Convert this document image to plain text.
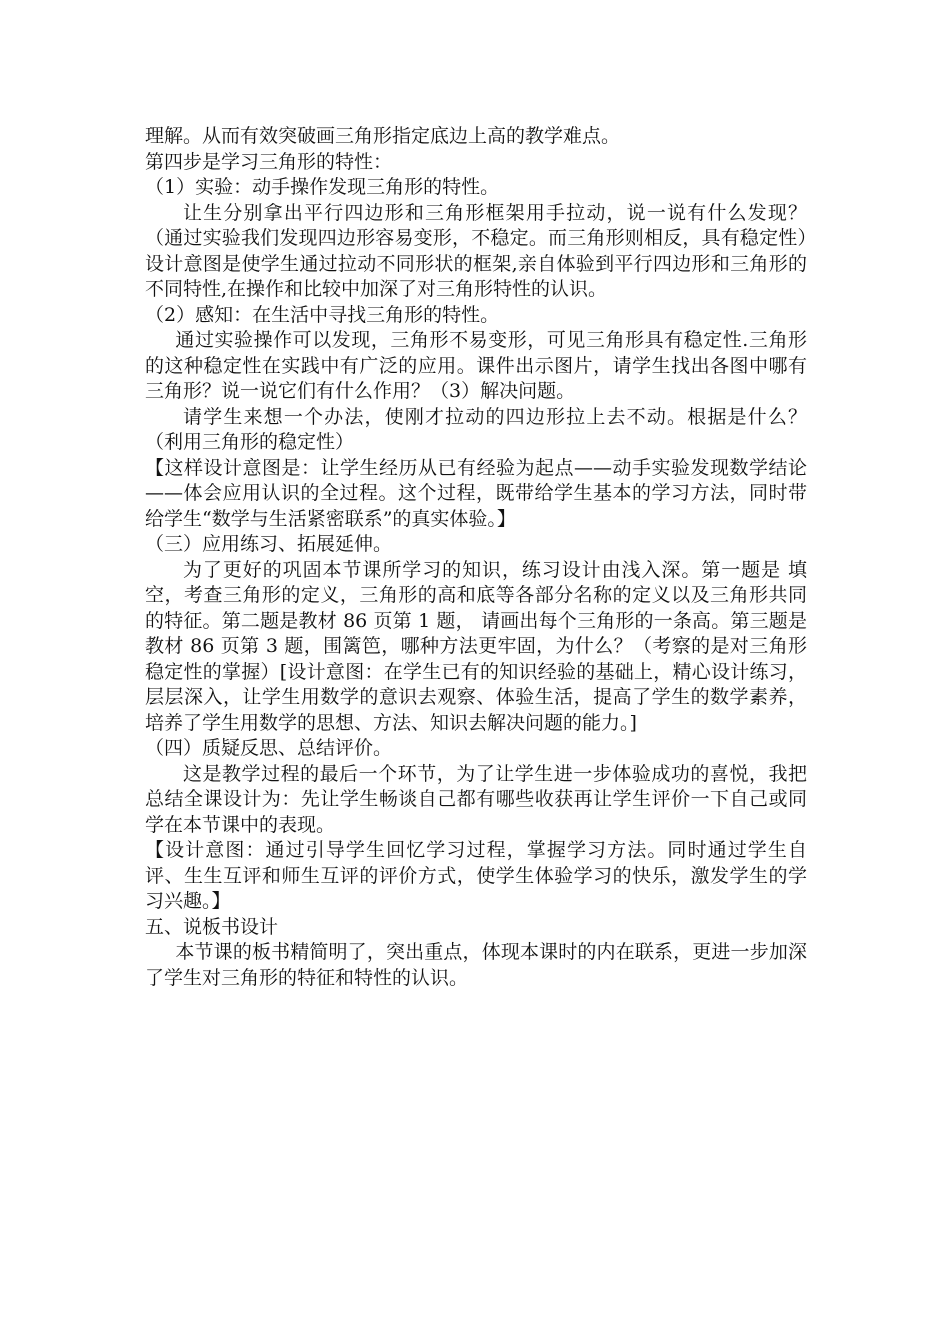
理解。从而有效突破画三角形指定底边上高的教学难点。

第四步是学习三角形的特性：

（1）实验：动手操作发现三角形的特性。

让生分别拿出平行四边形和三角形框架用手拉动，说一说有什么发现？（通过实验我们发现四边形容易变形，不稳定。而三角形则相反，具有稳定性）设计意图是使学生通过拉动不同形状的框架,亲自体验到平行四边形和三角形的不同特性,在操作和比较中加深了对三角形特性的认识。

（2）感知：在生活中寻找三角形的特性。

通过实验操作可以发现，三角形不易变形，可见三角形具有稳定性.三角形的这种稳定性在实践中有广泛的应用。课件出示图片，请学生找出各图中哪有三角形？说一说它们有什么作用？（3）解决问题。

请学生来想一个办法，使刚才拉动的四边形拉上去不动。根据是什么？（利用三角形的稳定性）

【这样设计意图是：让学生经历从已有经验为起点——动手实验发现数学结论——体会应用认识的全过程。这个过程，既带给学生基本的学习方法，同时带给学生“数学与生活紧密联系”的真实体验。】

（三）应用练习、拓展延伸。

为了更好的巩固本节课所学习的知识，练习设计由浅入深。第一题是 填空，考查三角形的定义，三角形的高和底等各部分名称的定义以及三角形共同的特征。第二题是教材 86 页第 1 题， 请画出每个三角形的一条高。第三题是教材 86 页第 3 题，围篱笆，哪种方法更牢固，为什么？（考察的是对三角形稳定性的掌握）[设计意图：在学生已有的知识经验的基础上，精心设计练习，层层深入，让学生用数学的意识去观察、体验生活，提高了学生的数学素养，培养了学生用数学的思想、方法、知识去解决问题的能力。]

（四）质疑反思、总结评价。

这是教学过程的最后一个环节，为了让学生进一步体验成功的喜悦，我把总结全课设计为：先让学生畅谈自己都有哪些收获再让学生评价一下自己或同学在本节课中的表现。

【设计意图：通过引导学生回忆学习过程，掌握学习方法。同时通过学生自评、生生互评和师生互评的评价方式，使学生体验学习的快乐，激发学生的学习兴趣。】

五、说板书设计

本节课的板书精简明了，突出重点，体现本课时的内在联系，更进一步加深了学生对三角形的特征和特性的认识。
